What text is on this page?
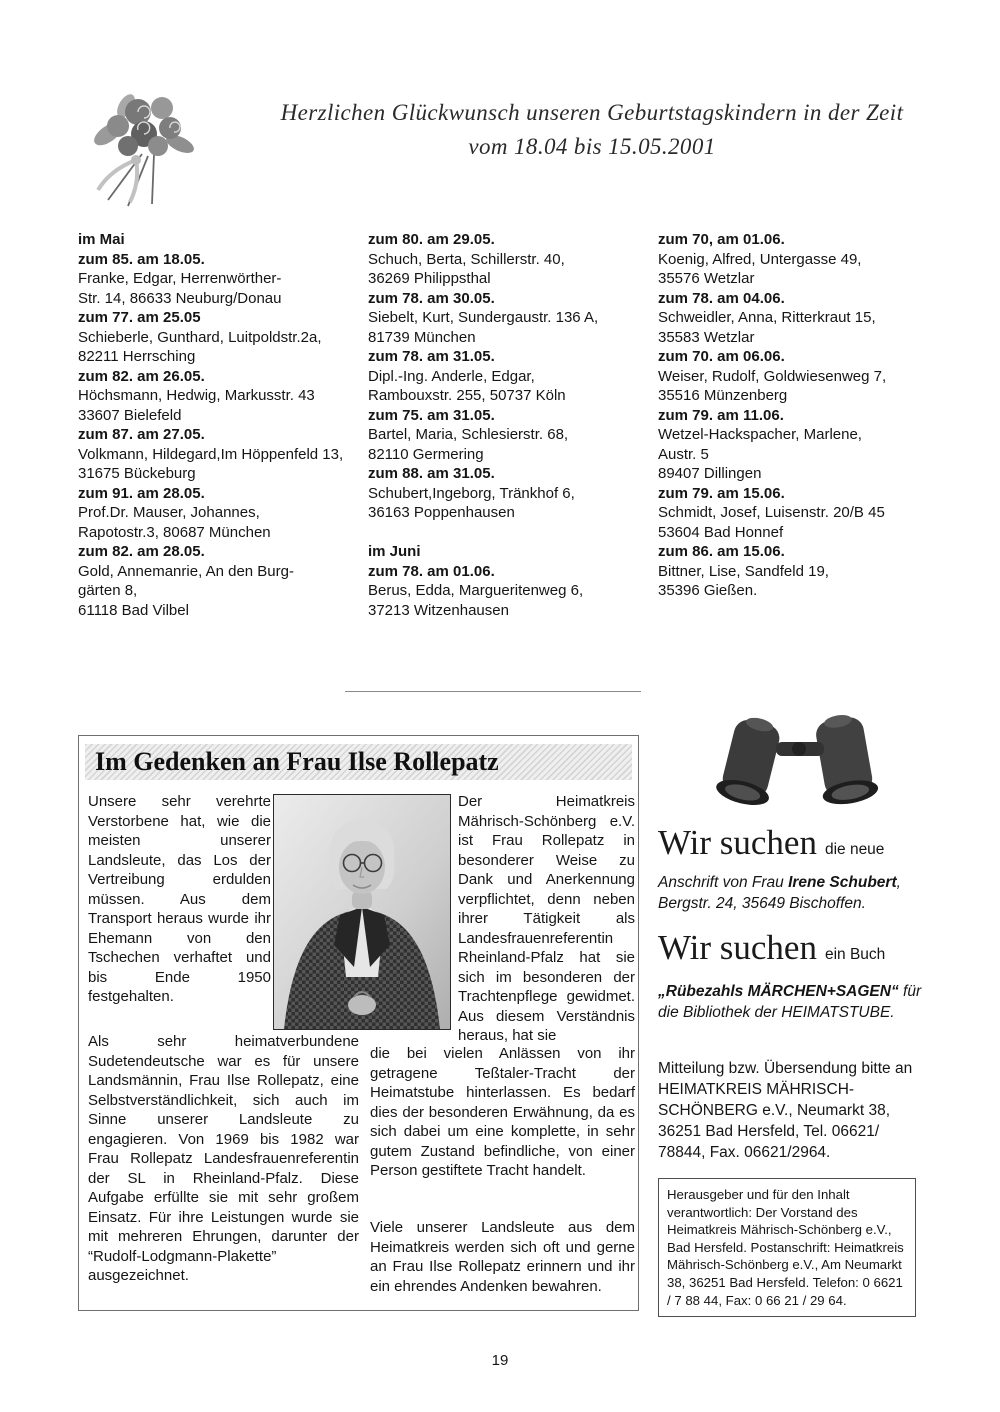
Herzlichen Glückwunsch unseren Geburtstagskindern in der Zeit
vom 18.04 bis 15.05.2001
im Mai
zum 85. am 18.05.
Franke, Edgar, Herrenwörther-
Str. 14, 86633 Neuburg/Donau
zum 77. am 25.05
Schieberle, Gunthard, Luitpoldstr.2a,
82211 Herrsching
zum 82. am 26.05.
Höchsmann, Hedwig, Markusstr. 43
33607 Bielefeld
zum 87. am 27.05.
Volkmann, Hildegard,Im Höppenfeld 13,
31675 Bückeburg
zum 91. am 28.05.
Prof.Dr. Mauser, Johannes,
Rapotostr.3, 80687 München
zum 82. am 28.05.
Gold, Annemanrie, An den Burg-
gärten 8,
61118 Bad Vilbel
zum 80. am 29.05.
Schuch, Berta, Schillerstr. 40,
36269 Philippsthal
zum 78. am 30.05.
Siebelt, Kurt, Sundergaustr. 136 A,
81739 München
zum 78. am 31.05.
Dipl.-Ing. Anderle, Edgar,
Rambouxstr. 255, 50737 Köln
zum 75. am 31.05.
Bartel, Maria, Schlesierstr. 68,
82110 Germering
zum 88. am 31.05.
Schubert,Ingeborg, Tränkhof 6,
36163 Poppenhausen
im Juni
zum 78. am 01.06.
Berus, Edda, Margueritenweg 6,
37213 Witzenhausen
zum 70, am 01.06.
Koenig, Alfred, Untergasse 49,
35576 Wetzlar
zum 78. am 04.06.
Schweidler, Anna, Ritterkraut 15,
35583 Wetzlar
zum 70. am 06.06.
Weiser, Rudolf, Goldwiesenweg 7,
35516 Münzenberg
zum 79. am 11.06.
Wetzel-Hackspacher, Marlene,
Austr. 5
89407 Dillingen
zum 79. am 15.06.
Schmidt, Josef, Luisenstr. 20/B 45
53604 Bad Honnef
zum 86. am 15.06.
Bittner, Lise, Sandfeld 19,
35396 Gießen.
Im Gedenken an Frau Ilse Rollepatz
Unsere sehr verehrte Verstorbene hat, wie die meisten unserer Landsleute, das Los der Vertreibung erdulden müssen. Aus dem Transport heraus wurde ihr Ehemann von den Tschechen verhaftet und bis Ende 1950 festgehalten.
Der Heimatkreis Mährisch-Schönberg e.V. ist Frau Rollepatz in besonderer Weise zu Dank und Anerkennung verpflichtet, denn neben ihrer Tätigkeit als Landesfrauenreferentin Rheinland-Pfalz hat sie sich im besonderen der Trachtenpflege gewidmet. Aus diesem Verständnis heraus, hat sie
Als sehr heimatverbundene Sudetendeutsche war es für unsere Landsmännin, Frau Ilse Rollepatz, eine Selbstverständlichkeit, sich auch im Sinne unserer Landsleute zu engagieren. Von 1969 bis 1982 war Frau Rollepatz Landesfrauenreferentin der SL in Rheinland-Pfalz. Diese Aufgabe erfüllte sie mit sehr großem Einsatz. Für ihre Leistungen wurde sie mit mehreren Ehrungen, darunter der “Rudolf-Lodgmann-Plakette” ausgezeichnet.
die bei vielen Anlässen von ihr getragene Teßtaler-Tracht der Heimatstube hinterlassen. Es bedarf dies der besonderen Erwähnung, da es sich dabei um eine komplette, in sehr gutem Zustand befindliche, von einer Person gestiftete Tracht handelt.
Viele unserer Landsleute aus dem Heimatkreis werden sich oft und gerne an Frau Ilse Rollepatz erinnern und ihr ein ehrendes Andenken bewahren.
Wir suchen die neue
Anschrift von Frau Irene Schubert, Bergstr. 24, 35649 Bischoffen.
Wir suchen ein Buch
„Rübezahls MÄRCHEN+SAGEN“ für die Bibliothek der HEIMATSTUBE.
Mitteilung bzw. Übersendung bitte an HEIMATKREIS MÄHRISCH-SCHÖNBERG e.V., Neumarkt 38, 36251 Bad Hersfeld, Tel. 06621/ 78844, Fax. 06621/2964.
Herausgeber und für den Inhalt verantwortlich: Der Vorstand des Heimatkreis Mährisch-Schönberg e.V., Bad Hersfeld. Postanschrift: Heimatkreis Mährisch-Schönberg e.V., Am Neumarkt 38, 36251 Bad Hersfeld. Telefon: 0 6621 / 7 88 44, Fax: 0 66 21 / 29 64.
19
